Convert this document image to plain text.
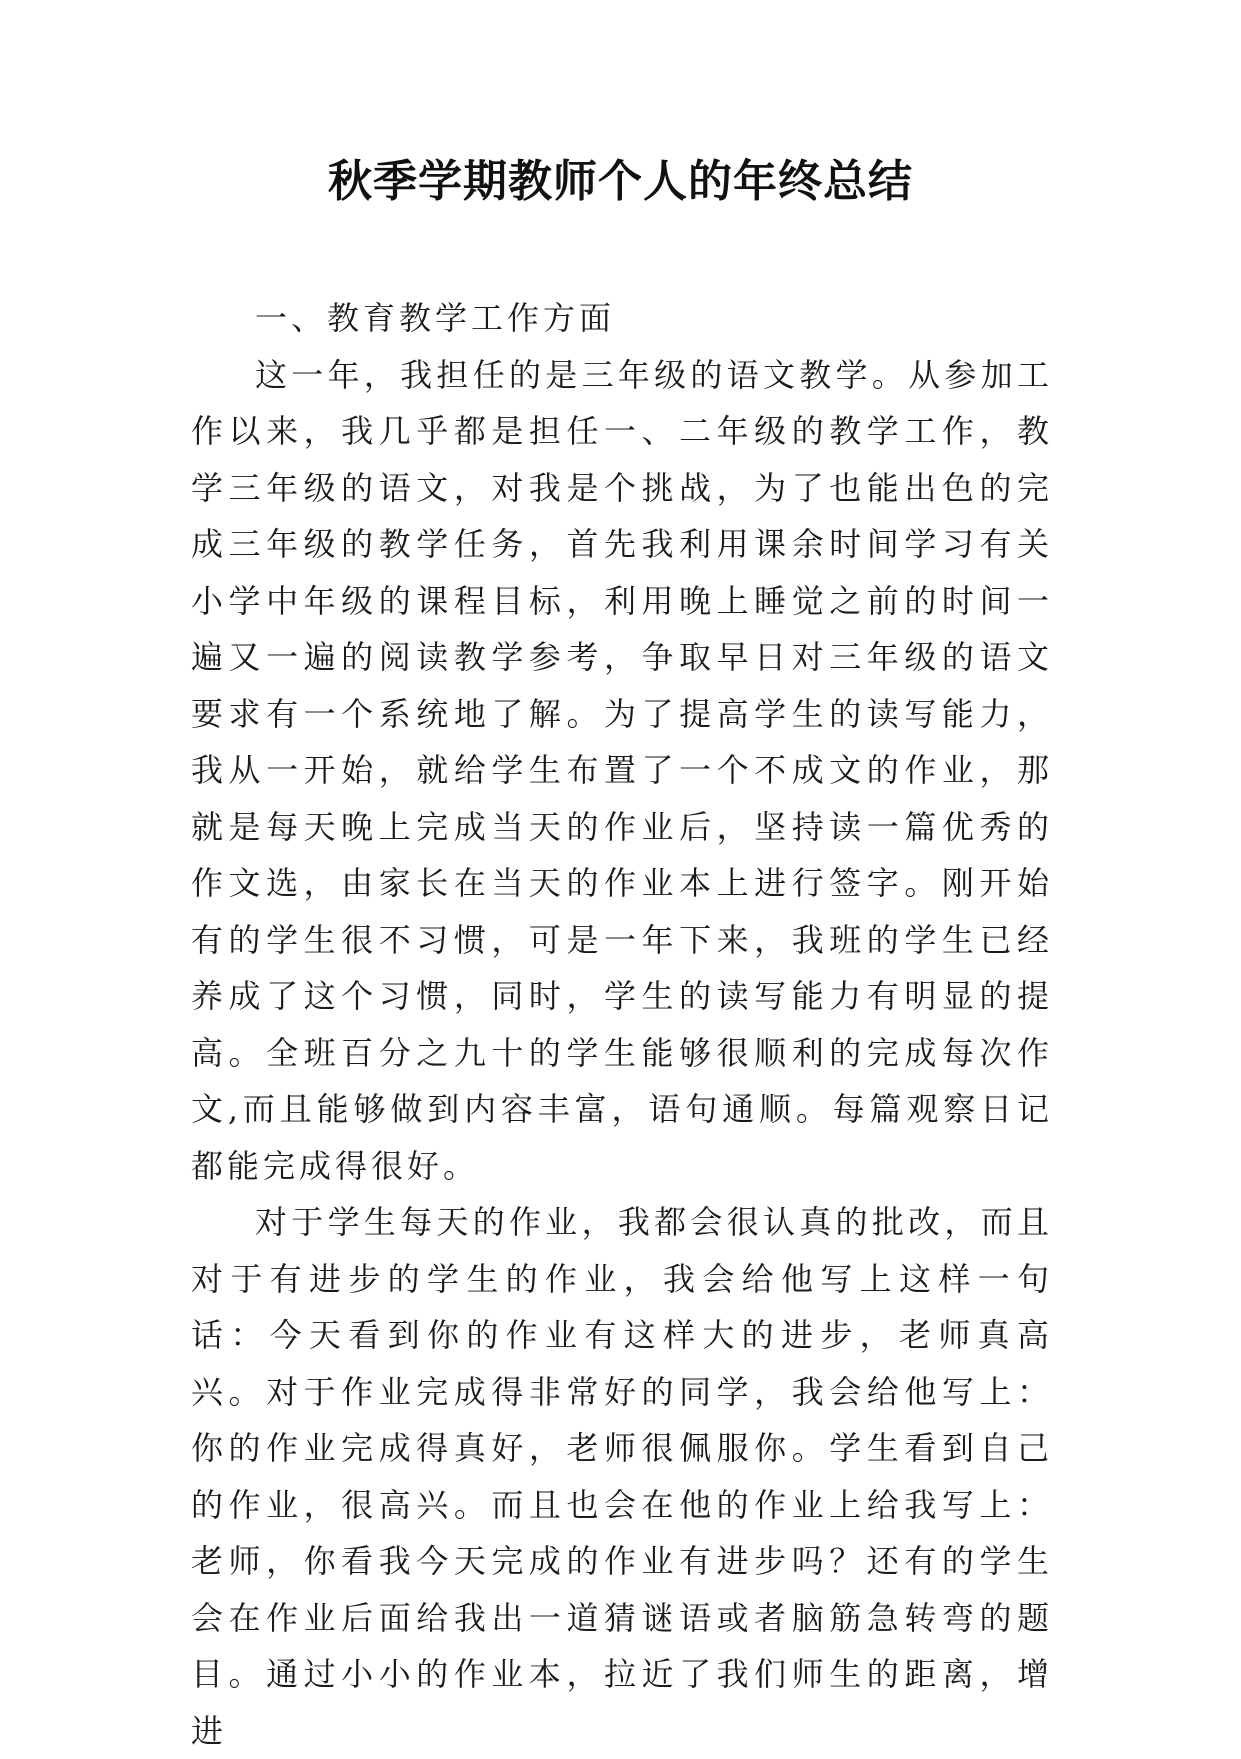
秋季学期教师个人的年终总结

一、教育教学工作方面

这一年，我担任的是三年级的语文教学。从参加工作以来，我几乎都是担任一、二年级的教学工作，教学三年级的语文，对我是个挑战，为了也能出色的完成三年级的教学任务，首先我利用课余时间学习有关小学中年级的课程目标，利用晚上睡觉之前的时间一遍又一遍的阅读教学参考，争取早日对三年级的语文要求有一个系统地了解。为了提高学生的读写能力，我从一开始，就给学生布置了一个不成文的作业，那就是每天晚上完成当天的作业后，坚持读一篇优秀的作文选，由家长在当天的作业本上进行签字。刚开始有的学生很不习惯，可是一年下来，我班的学生已经养成了这个习惯，同时，学生的读写能力有明显的提高。全班百分之九十的学生能够很顺利的完成每次作文,而且能够做到内容丰富，语句通顺。每篇观察日记都能完成得很好。

对于学生每天的作业，我都会很认真的批改，而且对于有进步的学生的作业，我会给他写上这样一句话：今天看到你的作业有这样大的进步，老师真高兴。对于作业完成得非常好的同学，我会给他写上：你的作业完成得真好，老师很佩服你。学生看到自己的作业，很高兴。而且也会在他的作业上给我写上：老师，你看我今天完成的作业有进步吗？还有的学生会在作业后面给我出一道猜谜语或者脑筋急转弯的题目。通过小小的作业本，拉近了我们师生的距离，增进
